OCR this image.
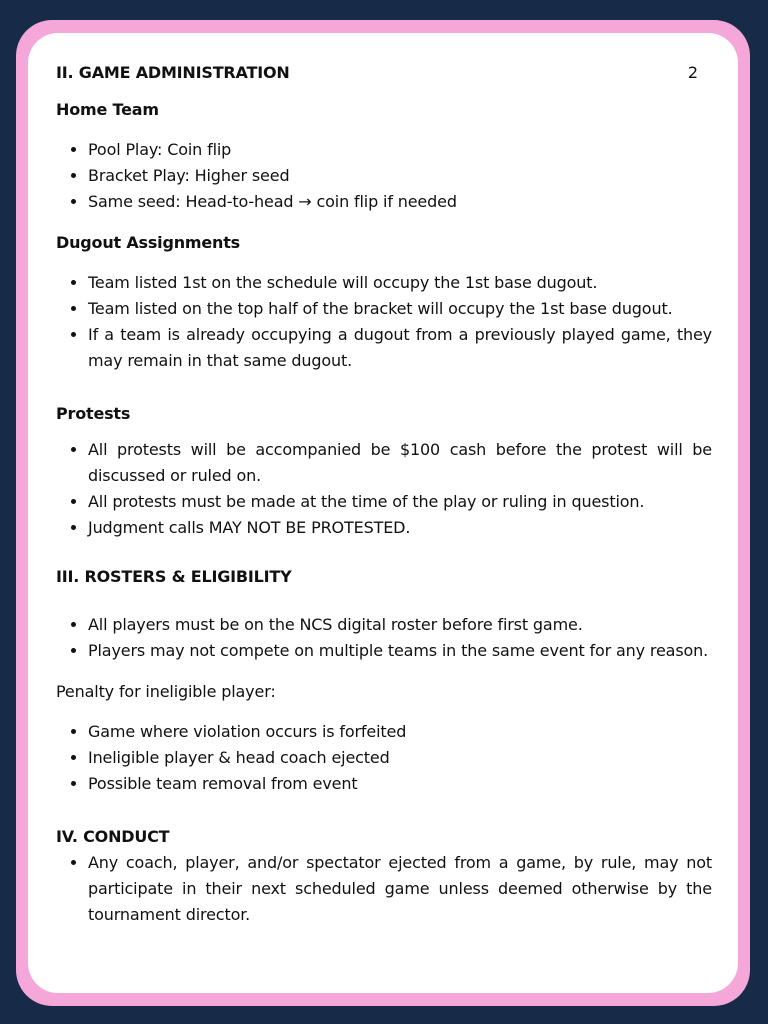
II. GAME ADMINISTRATION	2
Home Team
• Pool Play: Coin flip
• Bracket Play: Higher seed
• Same seed: Head-to-head → coin flip if needed
Dugout Assignments
• Team listed 1st on the schedule will occupy the 1st base dugout.
• Team listed on the top half of the bracket will occupy the 1st base dugout.
• If a team is already occupying a dugout from a previously played game, they may remain in that same dugout.
Protests
• All protests will be accompanied be $100 cash before the protest will be discussed or ruled on.
• All protests must be made at the time of the play or ruling in question.
• Judgment calls MAY NOT BE PROTESTED.
III. ROSTERS & ELIGIBILITY
• All players must be on the NCS digital roster before first game.
• Players may not compete on multiple teams in the same event for any reason.

Penalty for ineligible player:

• Game where violation occurs is forfeited
• Ineligible player & head coach ejected
• Possible team removal from event
IV. CONDUCT
• Any coach, player, and/or spectator ejected from a game, by rule, may not participate in their next scheduled game unless deemed otherwise by the tournament director.
